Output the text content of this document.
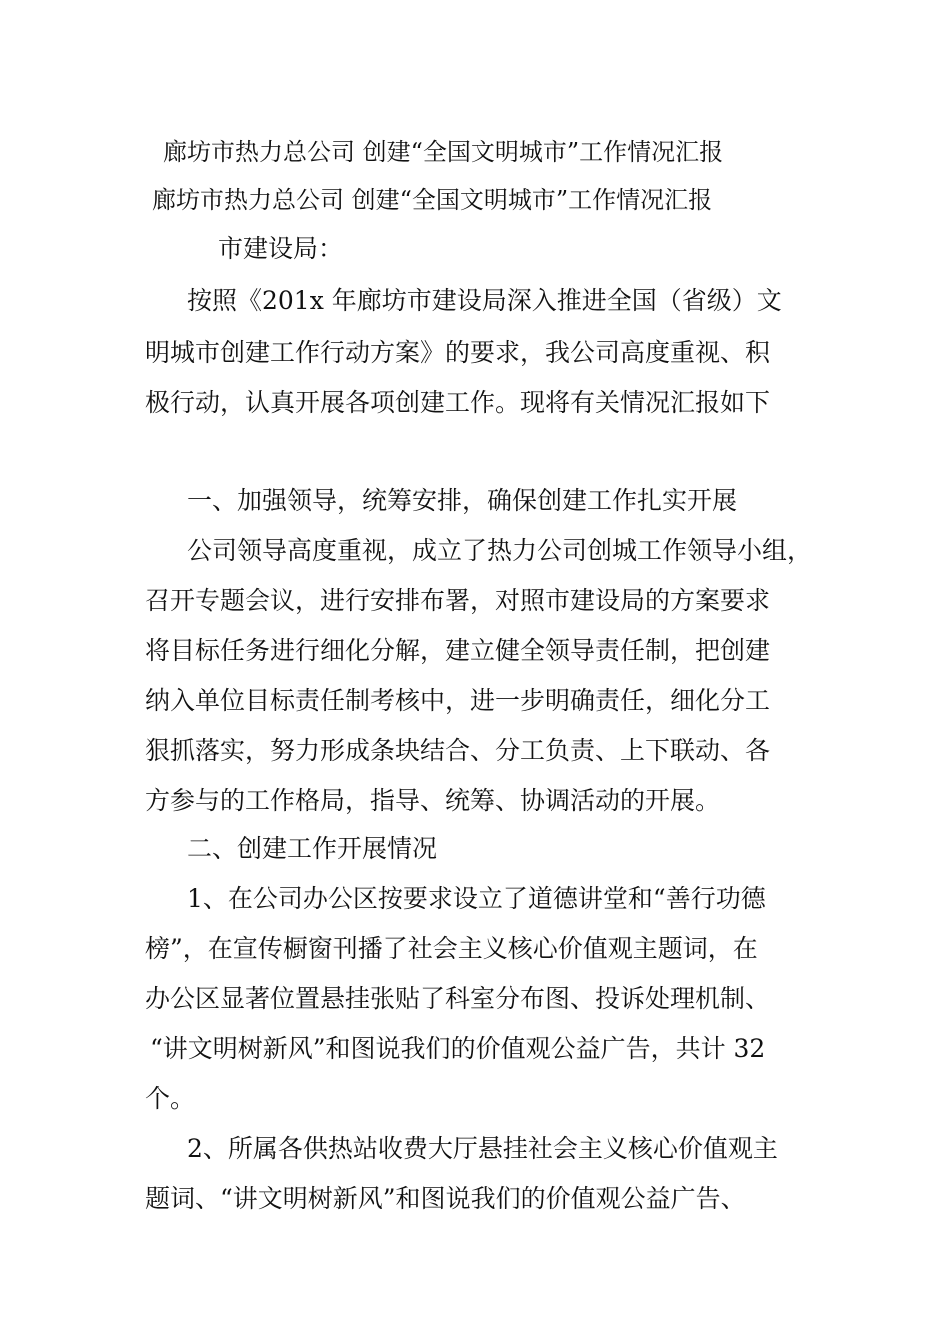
廊坊市热力总公司 创建“全国文明城市”工作情况汇报
廊坊市热力总公司 创建“全国文明城市”工作情况汇报
市建设局：
按照《201x 年廊坊市建设局深入推进全国（省级）文
明城市创建工作行动方案》的要求，我公司高度重视、积
极行动，认真开展各项创建工作。现将有关情况汇报如下
一、加强领导，统筹安排，确保创建工作扎实开展
公司领导高度重视，成立了热力公司创城工作领导小组，
召开专题会议，进行安排布署，对照市建设局的方案要求
将目标任务进行细化分解，建立健全领导责任制，把创建
纳入单位目标责任制考核中，进一步明确责任，细化分工
狠抓落实，努力形成条块结合、分工负责、上下联动、各
方参与的工作格局，指导、统筹、协调活动的开展。
二、创建工作开展情况
1、在公司办公区按要求设立了道德讲堂和“善行功德
榜”，在宣传橱窗刊播了社会主义核心价值观主题词，在
办公区显著位置悬挂张贴了科室分布图、投诉处理机制、
“讲文明树新风”和图说我们的价值观公益广告，共计 32
个。
2、所属各供热站收费大厅悬挂社会主义核心价值观主
题词、“讲文明树新风”和图说我们的价值观公益广告、
